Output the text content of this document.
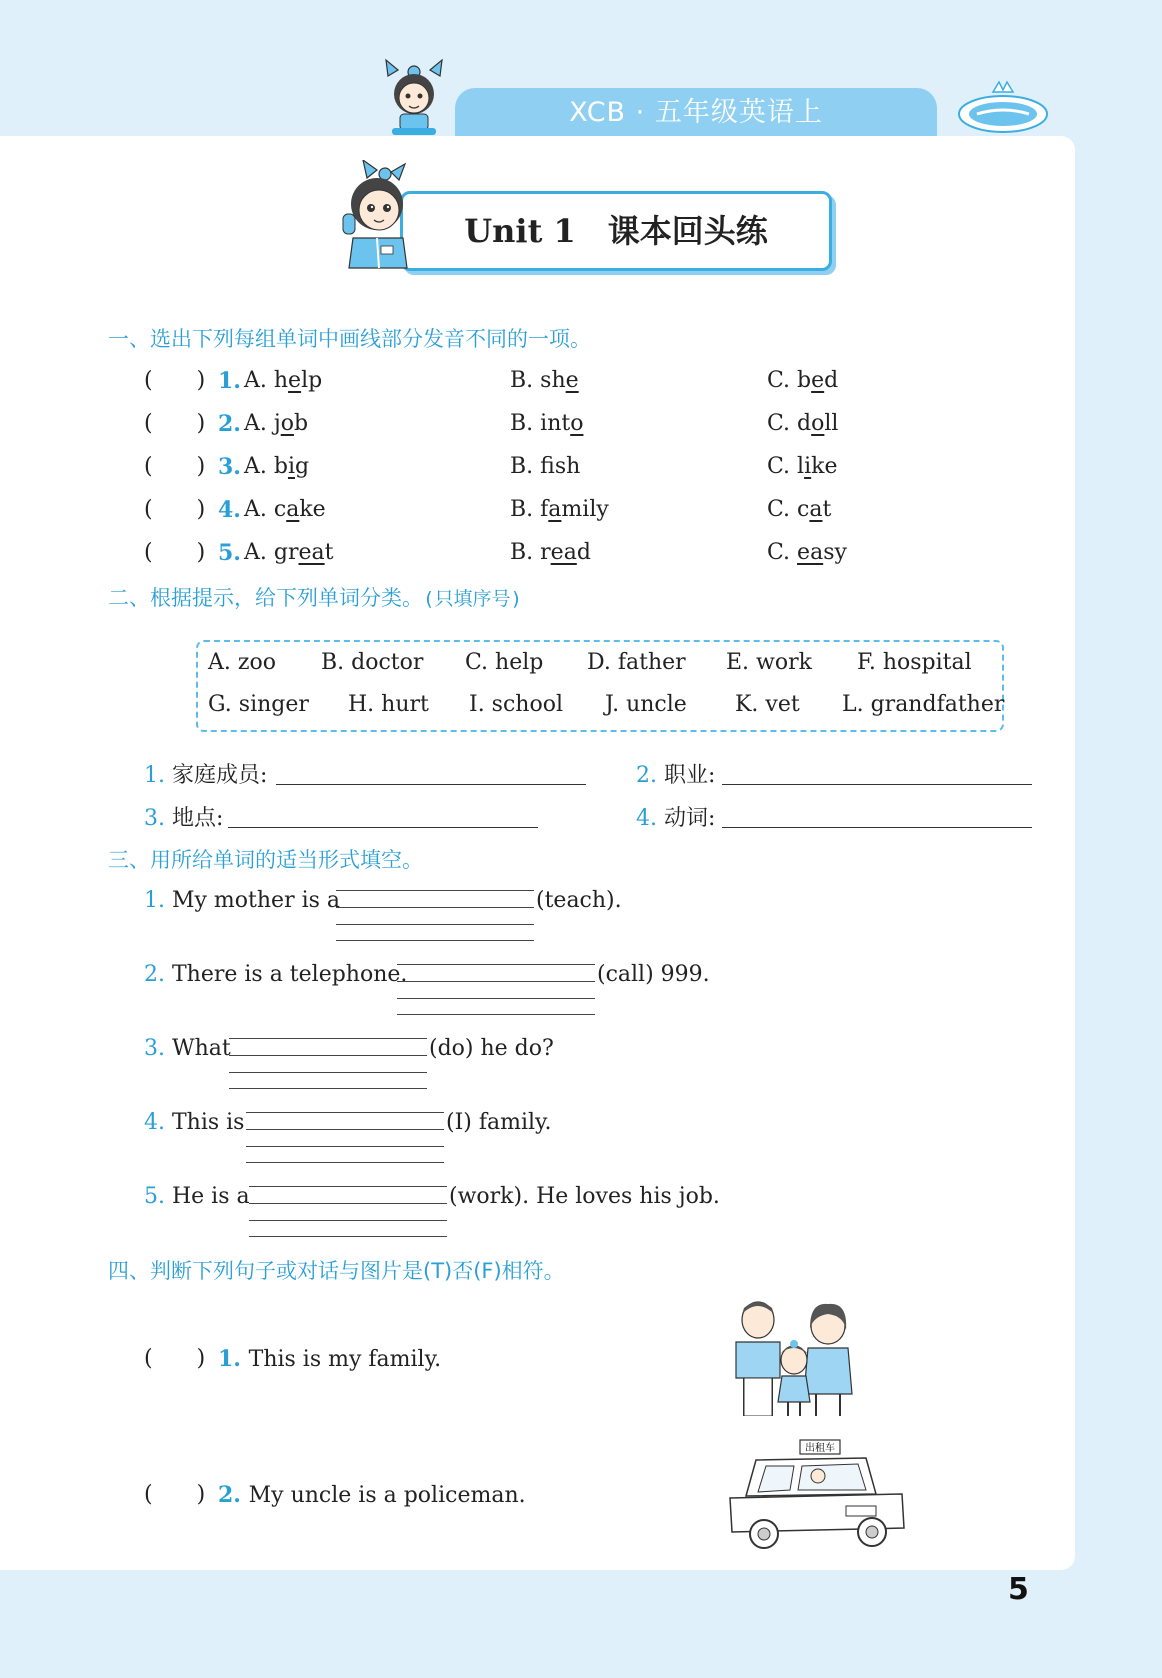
XCB · 五年级英语上
Unit 1　课本回头练
一、选出下列每组单词中画线部分发音不同的一项。
(　　) 1. A. help	B. she	C. bed
(　　) 2. A. job	B. into	C. doll
(　　) 3. A. big	B. fsh	C. like
(　　) 4. A. cake	B. family	C. cat
(　　) 5. A. great	B. read	C. easy
二、根据提示，给下列单词分类。(只填序号)
A. zoo B. doctor C. help D. father E. work F. hospital
G. singer H. hurt I. school J. uncle K. vet L. grandfather
1. 家庭成员:	2. 职业:
3. 地点:	4. 动词:
三、用所给单词的适当形式填空。
1. My mother is a	(teach).
2. There is a telephone.	(call) 999.
3. What	(do) he do?
4. This is	(I) family.
5. He is a	(work). He loves his job.
四、判断下列句子或对话与图片是(T)否(F)相符。
(　　) 1. This is my family.
(　　) 2. My uncle is a policeman.
出租车
5
